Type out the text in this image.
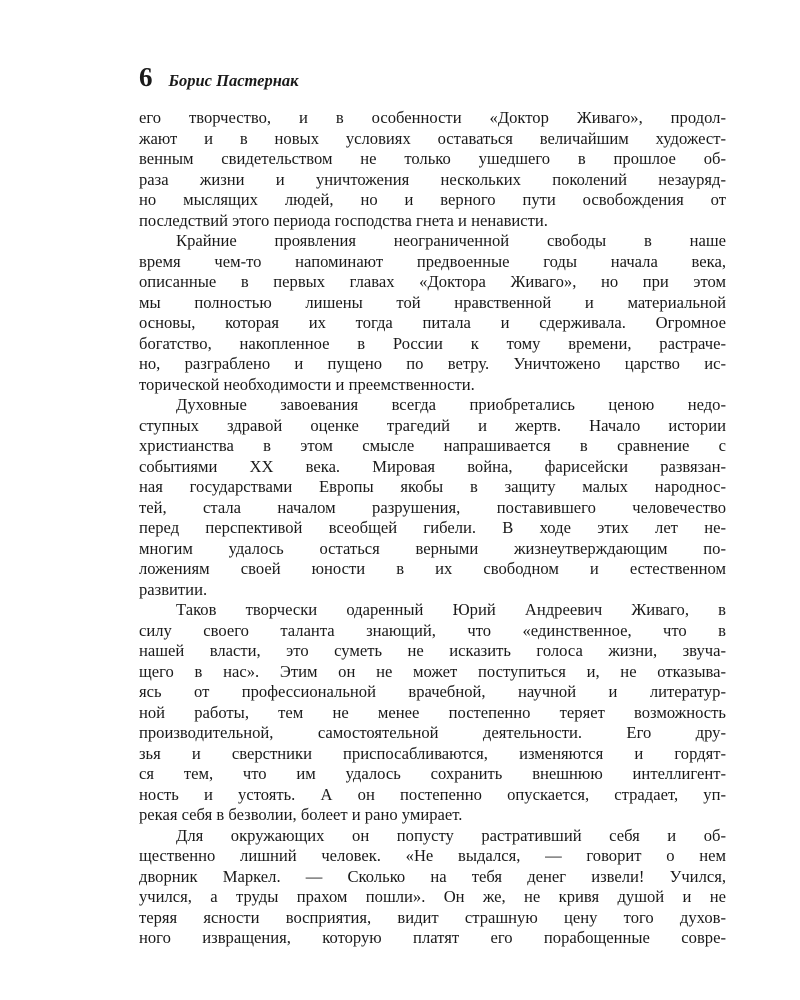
6 Борис Пастернак
его творчество, и в особенности «Доктор Живаго», продол-
жают и в новых условиях оставаться величайшим художест-
венным свидетельством не только ушедшего в прошлое об-
раза жизни и уничтожения нескольких поколений незауряд-
но мыслящих людей, но и верного пути освобождения от
последствий этого периода господства гнета и ненависти.
Крайние проявления неограниченной свободы в наше
время чем-то напоминают предвоенные годы начала века,
описанные в первых главах «Доктора Живаго», но при этом
мы полностью лишены той нравственной и материальной
основы, которая их тогда питала и сдерживала. Огромное
богатство, накопленное в России к тому времени, растраче-
но, разграблено и пущено по ветру. Уничтожено царство ис-
торической необходимости и преемственности.
Духовные завоевания всегда приобретались ценою недо-
ступных здравой оценке трагедий и жертв. Начало истории
христианства в этом смысле напрашивается в сравнение с
событиями XX века. Мировая война, фарисейски развязан-
ная государствами Европы якобы в защиту малых народнос-
тей, стала началом разрушения, поставившего человечество
перед перспективой всеобщей гибели. В ходе этих лет не-
многим удалось остаться верными жизнеутверждающим по-
ложениям своей юности в их свободном и естественном
развитии.
Таков творчески одаренный Юрий Андреевич Живаго, в
силу своего таланта знающий, что «единственное, что в
нашей власти, это суметь не исказить голоса жизни, звуча-
щего в нас». Этим он не может поступиться и, не отказыва-
ясь от профессиональной врачебной, научной и литератур-
ной работы, тем не менее постепенно теряет возможность
производительной, самостоятельной деятельности. Его дру-
зья и сверстники приспосабливаются, изменяются и гордят-
ся тем, что им удалось сохранить внешнюю интеллигент-
ность и устоять. А он постепенно опускается, страдает, уп-
рекая себя в безволии, болеет и рано умирает.
Для окружающих он попусту растративший себя и об-
щественно лишний человек. «Не выдался, — говорит о нем
дворник Маркел. — Сколько на тебя денег извели! Учился,
учился, а труды прахом пошли». Он же, не кривя душой и не
теряя ясности восприятия, видит страшную цену того духов-
ного извращения, которую платят его порабощенные совре-
